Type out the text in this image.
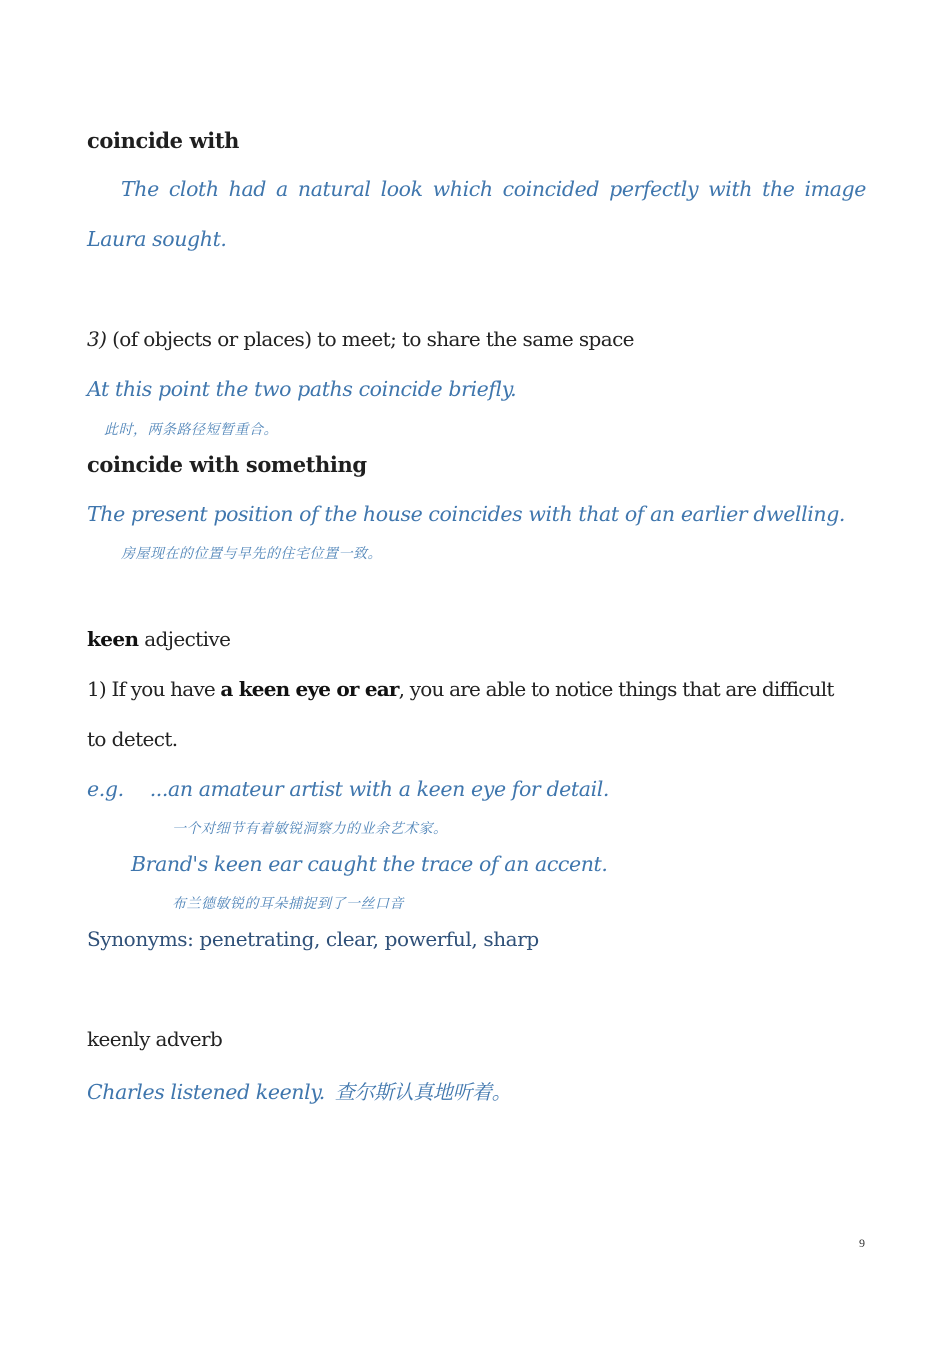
coincide with
The cloth had a natural look which coincided perfectly with the image
Laura sought.
3) (of objects or places) to meet; to share the same space
At this point the two paths coincide briefly.
此时，两条路径短暂重合。
coincide with something
The present position of the house coincides with that of an earlier dwelling.
房屋现在的位置与早先的住宅位置一致。
keen adjective
1) If you have a keen eye or ear, you are able to notice things that are difficult
to detect.
e.g. ...an amateur artist with a keen eye for detail.
一个对细节有着敏锐洞察力的业余艺术家。
Brand's keen ear caught the trace of an accent.
布兰德敏锐的耳朵捕捉到了一丝口音
Synonyms: penetrating, clear, powerful, sharp
keenly adverb
Charles listened keenly. 查尔斯认真地听着。
9
